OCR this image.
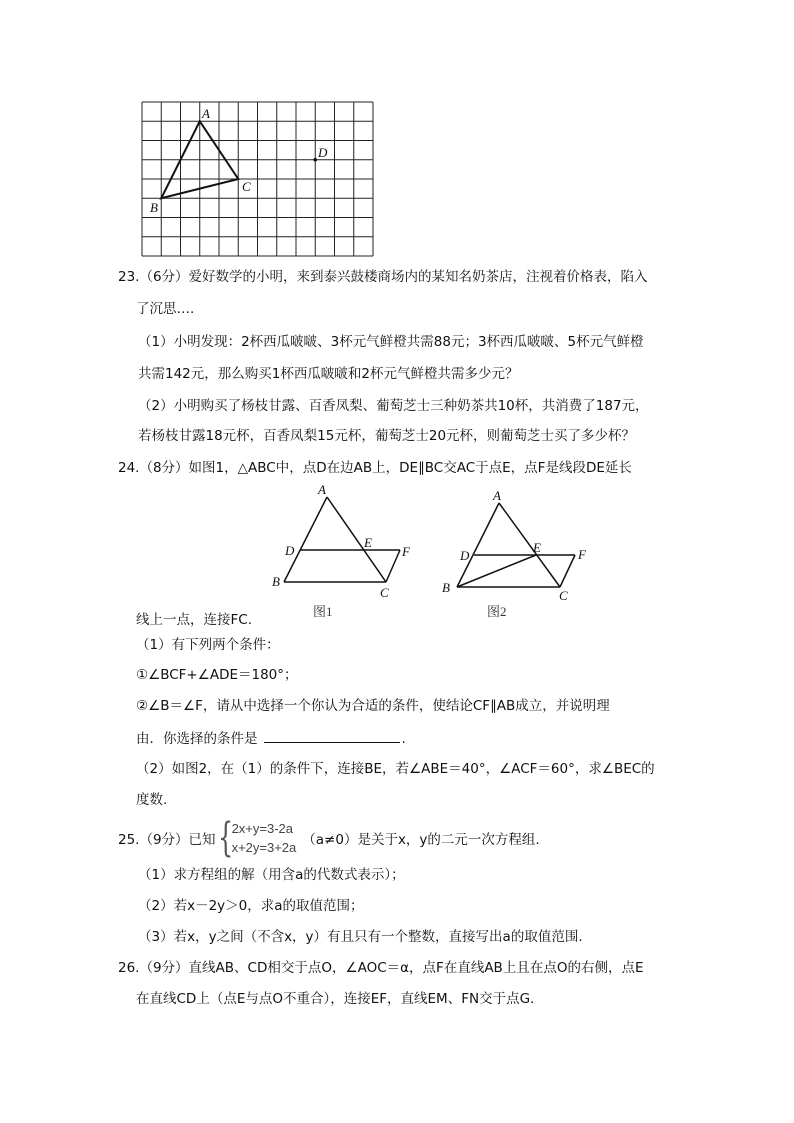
A
B
C
D
23.（6分）爱好数学的小明，来到泰兴鼓楼商场内的某知名奶茶店，注视着价格表，陷入
了沉思….
（1）小明发现：2杯西瓜啵啵、3杯元气鲜橙共需88元；3杯西瓜啵啵、5杯元气鲜橙
共需142元，那么购买1杯西瓜啵啵和2杯元气鲜橙共需多少元？
（2）小明购买了杨枝甘露、百香凤梨、葡萄芝士三种奶茶共10杯，共消费了187元，
若杨枝甘露18元杯，百香凤梨15元杯，葡萄芝士20元杯，则葡萄芝士买了多少杯？
24.（8分）如图1，△ABC中，点D在边AB上，DE∥BC交AC于点E，点F是线段DE延长
A
D
E
F
B
C
图1
A
D
E	F
B
C
图2
线上一点，连接FC.
（1）有下列两个条件：
①∠BCF+∠ADE＝180°；
②∠B＝∠F，请从中选择一个你认为合适的条件，使结论CF∥AB成立，并说明理
由．你选择的条件是	.
（2）如图2，在（1）的条件下，连接BE，若∠ABE＝40°，∠ACF＝60°，求∠BEC的
度数.
25.（9分）已知 {
2x+y=3-2a
x+2y=3+2a （a≠0）是关于x，y的二元一次方程组.
（1）求方程组的解（用含a的代数式表示）；
（2）若x－2y＞0，求a的取值范围；
（3）若x，y之间（不含x，y）有且只有一个整数，直接写出a的取值范围.
26.（9分）直线AB、CD相交于点O，∠AOC＝α，点F在直线AB上且在点O的右侧，点E
在直线CD上（点E与点O不重合），连接EF，直线EM、FN交于点G.
